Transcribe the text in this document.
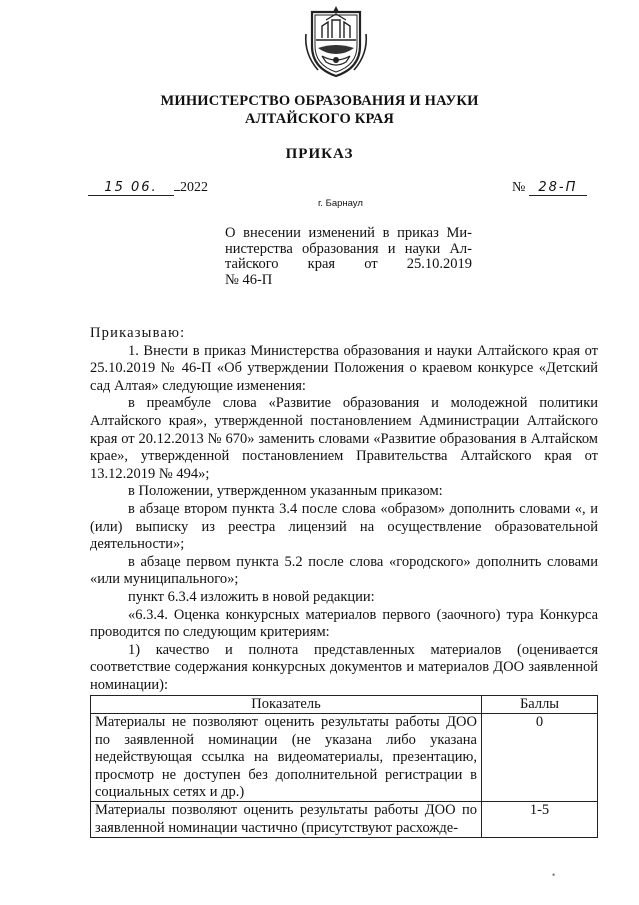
МИНИСТЕРСТВО ОБРАЗОВАНИЯ И НАУКИ
АЛТАЙСКОГО КРАЯ
ПРИКАЗ
15 06. 2022	№ 28-П
г. Барнаул
О внесении изменений в приказ Ми-
нистерства образования и науки Ал-
тайского края от 25.10.2019
№ 46-П

Приказываю:

1. Внести в приказ Министерства образования и науки Алтайского края от 25.10.2019 № 46-П «Об утверждении Положения о краевом конкурсе «Детский сад Алтая» следующие изменения:

в преамбуле слова «Развитие образования и молодежной политики Алтайского края», утвержденной постановлением Администрации Алтайского края от 20.12.2013 № 670» заменить словами «Развитие образования в Алтайском крае», утвержденной постановлением Правительства Алтайского края от 13.12.2019 № 494»;

в Положении, утвержденном указанным приказом:

в абзаце втором пункта 3.4 после слова «образом» дополнить словами «, и (или) выписку из реестра лицензий на осуществление образовательной деятельности»;

в абзаце первом пункта 5.2 после слова «городского» дополнить словами «или муниципального»;

пункт 6.3.4 изложить в новой редакции:

«6.3.4. Оценка конкурсных материалов первого (заочного) тура Конкурса проводится по следующим критериям:

1) качество и полнота представленных материалов (оценивается соответствие содержания конкурсных документов и материалов ДОО заявленной номинации):

Показатель	Баллы
Материалы не позволяют оценить результаты работы ДОО по заявленной номинации (не указана либо указана недействующая ссылка на видеоматериалы, презентацию, просмотр не доступен без дополнительной регистрации в социальных сетях и др.)	0
Материалы позволяют оценить результаты работы ДОО по заявленной номинации частично (присутствуют расхожде-	1-5
•
